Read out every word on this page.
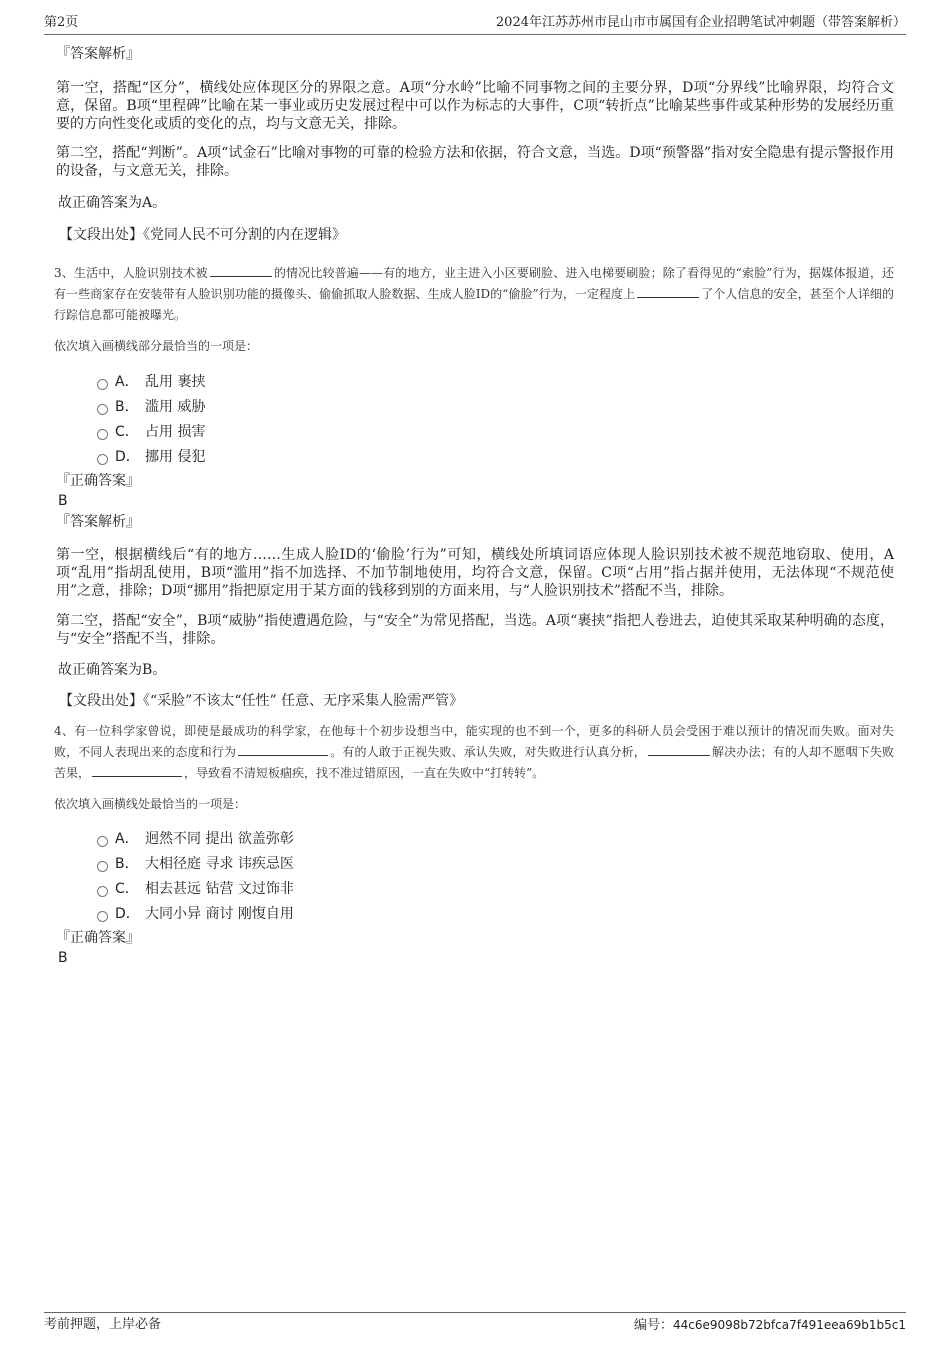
第2页	2024年江苏苏州市昆山市市属国有企业招聘笔试冲刺题（带答案解析）

『答案解析』

第一空，搭配“区分”，横线处应体现区分的界限之意。A项“分水岭”比喻不同事物之间的主要分界，D项“分界线”比喻界限，均符合文意，保留。B项“里程碑”比喻在某一事业或历史发展过程中可以作为标志的大事件，C项“转折点”比喻某些事件或某种形势的发展经历重要的方向性变化或质的变化的点，均与文意无关，排除。

第二空，搭配“判断”。A项“试金石”比喻对事物的可靠的检验方法和依据，符合文意，当选。D项“预警器”指对安全隐患有提示警报作用的设备，与文意无关，排除。

故正确答案为A。

【文段出处】《党同人民不可分割的内在逻辑》

3、生活中，人脸识别技术被	的情况比较普遍——有的地方，业主进入小区要刷脸、进入电梯要刷脸；除了看得见的“索脸”行为，据媒体报道，还有一些商家存在安装带有人脸识别功能的摄像头、偷偷抓取人脸数据、生成人脸ID的“偷脸”行为，一定程度上	了个人信息的安全，甚至个人详细的行踪信息都可能被曝光。

依次填入画横线部分最恰当的一项是：

A． 乱用 裹挟
B． 滥用 威胁
C． 占用 损害
D． 挪用 侵犯

『正确答案』

B

『答案解析』

第一空，根据横线后“有的地方……生成人脸ID的‘偷脸’行为”可知，横线处所填词语应体现人脸识别技术被不规范地窃取、使用，A项“乱用”指胡乱使用，B项“滥用”指不加选择、不加节制地使用，均符合文意，保留。C项“占用”指占据并使用，无法体现“不规范使用”之意，排除；D项“挪用”指把原定用于某方面的钱移到别的方面来用，与“人脸识别技术”搭配不当，排除。

第二空，搭配“安全”，B项“威胁”指使遭遇危险，与“安全”为常见搭配，当选。A项“裹挟”指把人卷进去，迫使其采取某种明确的态度，与“安全”搭配不当，排除。

故正确答案为B。

【文段出处】《“采脸”不该太“任性” 任意、无序采集人脸需严管》

4、有一位科学家曾说，即使是最成功的科学家，在他每十个初步设想当中，能实现的也不到一个，更多的科研人员会受困于难以预计的情况而失败。面对失败，不同人表现出来的态度和行为	。有的人敢于正视失败、承认失败，对失败进行认真分析，	解决办法；有的人却不愿咽下失败苦果，	，导致看不清短板痼疾，找不准过错原因，一直在失败中“打转转”。

依次填入画横线处最恰当的一项是：

A． 迥然不同 提出 欲盖弥彰
B． 大相径庭 寻求 讳疾忌医
C． 相去甚远 钻营 文过饰非
D． 大同小异 商讨 刚愎自用

『正确答案』

B

考前押题，上岸必备	编号：44c6e9098b72bfca7f491eea69b1b5c1
